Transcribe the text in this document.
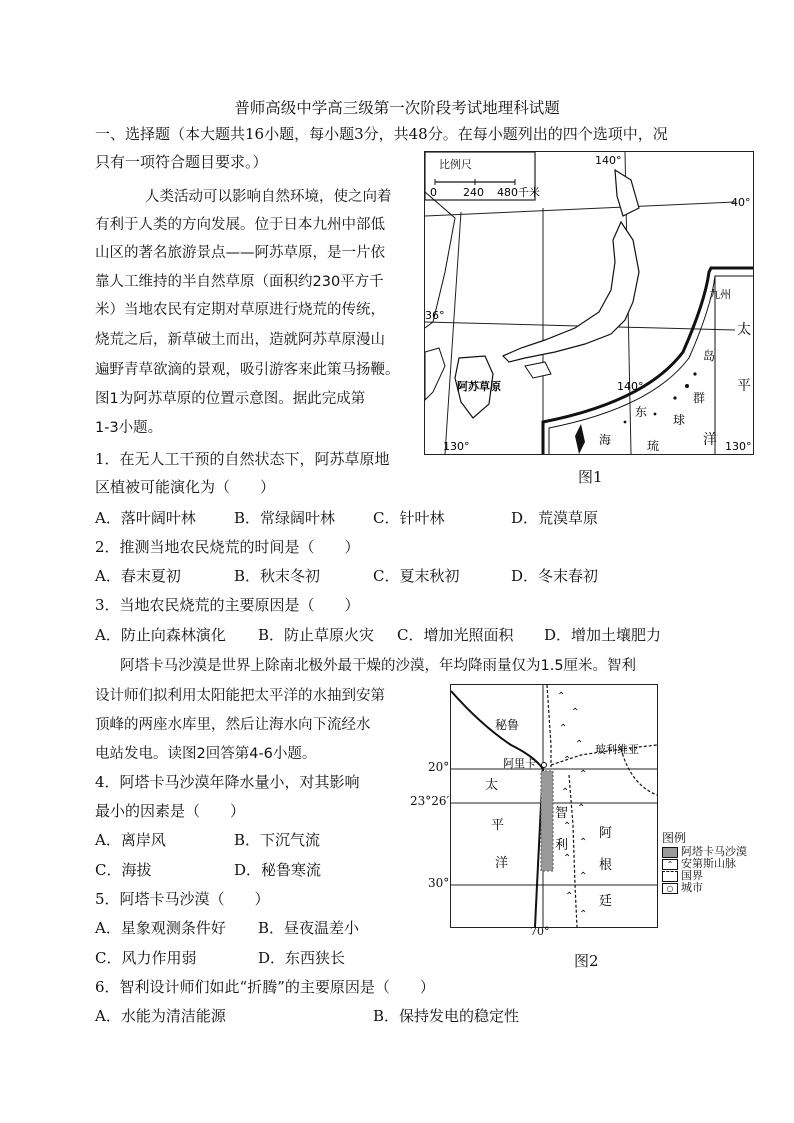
普师高级中学高三级第一次阶段考试地理科试题
一、选择题（本大题共16小题，每小题3分，共48分。在每小题列出的四个选项中，况
只有一项符合题目要求。）
人类活动可以影响自然环境，使之向着
有利于人类的方向发展。位于日本九州中部低
山区的著名旅游景点——阿苏草原，是一片依
靠人工维持的半自然草原（面积约230平方千
米）当地农民有定期对草原进行烧荒的传统，
烧荒之后，新草破土而出，造就阿苏草原漫山
遍野青草欲滴的景观，吸引游客来此策马扬鞭。
图1为阿苏草原的位置示意图。据此完成第
1-3小题。
1．在无人工干预的自然状态下，阿苏草原地
区植被可能演化为（　　）
A．落叶阔叶林	B．常绿阔叶林	C．针叶林	D．荒漠草原
2．推测当地农民烧荒的时间是（　　）
A．春末夏初	B．秋末冬初	C．夏末秋初	D．冬末春初
3．当地农民烧荒的主要原因是（　　）
A．防止向森林演化 B．防止草原火灾 C．增加光照面积 D．增加土壤肥力
阿塔卡马沙漠是世界上除南北极外最干燥的沙漠，年均降雨量仅为1.5厘米。智利
设计师们拟利用太阳能把太平洋的水抽到安第
顶峰的两座水库里，然后让海水向下流经水
电站发电。读图2回答第4-6小题。
4．阿塔卡马沙漠年降水量小，对其影响
最小的因素是（　　）
A．离岸风	B．下沉气流
C．海拔	D．秘鲁寒流
5．阿塔卡马沙漠（　　）
A．星象观测条件好 B．昼夜温差小
C．风力作用弱	D．东西狭长
6．智利设计师们如此“折腾”的主要原因是（　　）
A．水能为清洁能源	B．保持发电的稳定性
比例尺
0 240 480千米
140°
40°
36°
140°
130°	130°
阿苏草原
九州
太
平
洋
东
海	琉
球
群
岛
图1
⌃
⌃
⌃
⌃
⌃
⌃
⌃
⌃
⌃
⌃
⌃
⌃
⌃
⌃
秘鲁
玻利维亚
阿里卡
智
利
阿
根
廷
太
平
洋
20°
23°26′
30°
70°
图例
阿塔卡马沙漠
⌃ 安第斯山脉
国界
○ 城市
图2
